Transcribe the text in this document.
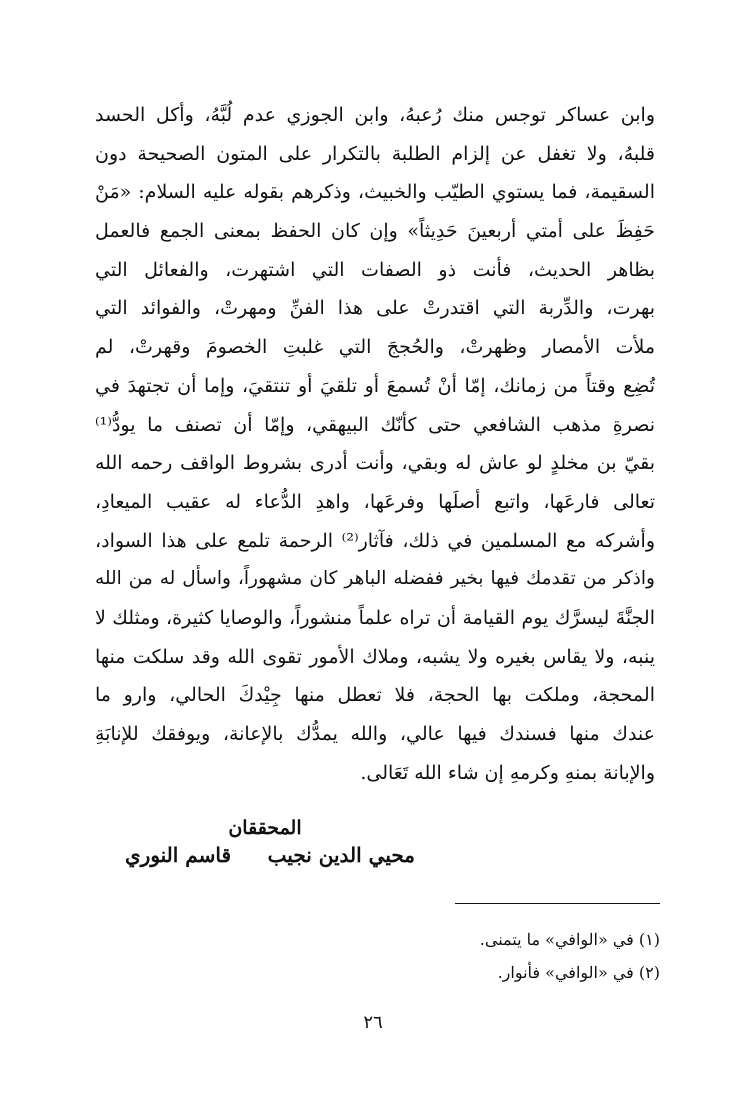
وابن عساكر توجس منك رُعبهُ، وابن الجوزي عدم لُبَّهُ، وأكل الحسد
قلبهُ، ولا تغفل عن إلزام الطلبة بالتكرار على المتون الصحيحة دون
السقيمة، فما يستوي الطيّب والخبيث، وذكرهم بقوله عليه السلام: «مَنْ
حَفِظَ على أمتي أربعينَ حَدِيثاً» وإن كان الحفظ بمعنى الجمع فالعمل
بظاهر الحديث، فأنت ذو الصفات التي اشتهرت، والفعائل التي
بهرت، والدِّربة التي اقتدرتْ على هذا الفنِّ ومهرتْ، والفوائد التي
ملأت الأمصار وظهرتْ، والحُججَ التي غلبتِ الخصومَ وقهرتْ، لم
تُضِع وقتاً من زمانك، إمّا أنْ تُسمعَ أو تلقيَ أو تنتقيَ، وإما أن تجتهدَ في
نصرةِ مذهب الشافعي حتى كأنّك البيهقي، وإمّا أن تصنف ما يودُّ⁽¹⁾
بقيّ بن مخلدٍ لو عاش له وبقي، وأنت أدرى بشروط الواقف رحمه الله
تعالى فارعَها، واتبع أصلَها وفرعَها، واهدِ الدُّعاء له عقيب الميعادِ،
وأشركه مع المسلمين في ذلك، فآثار⁽²⁾ الرحمة تلمع على هذا السواد،
واذكر من تقدمك فيها بخير ففضله الباهر كان مشهوراً، واسأل له من الله
الجنَّةَ ليسرَّك يوم القيامة أن تراه علماً منشوراً، والوصايا كثيرة، ومثلك لا
ينبه، ولا يقاس بغيره ولا يشبه، وملاك الأمور تقوى الله وقد سلكت منها
المحجة، وملكت بها الحجة، فلا تعطل منها جِيْدكَ الحالي، وارو ما
عندك منها فسندك فيها عالي، والله يمدُّك بالإعانة، ويوفقك للإنابَةِ
والإبانة بمنهِ وكرمهِ إن شاء الله تَعَالى.
المحققان
محيي الدين نجيب
قاسم النوري
(١) في «الوافي» ما يتمنى.
(٢) في «الوافي» فأنوار.
٢٦
